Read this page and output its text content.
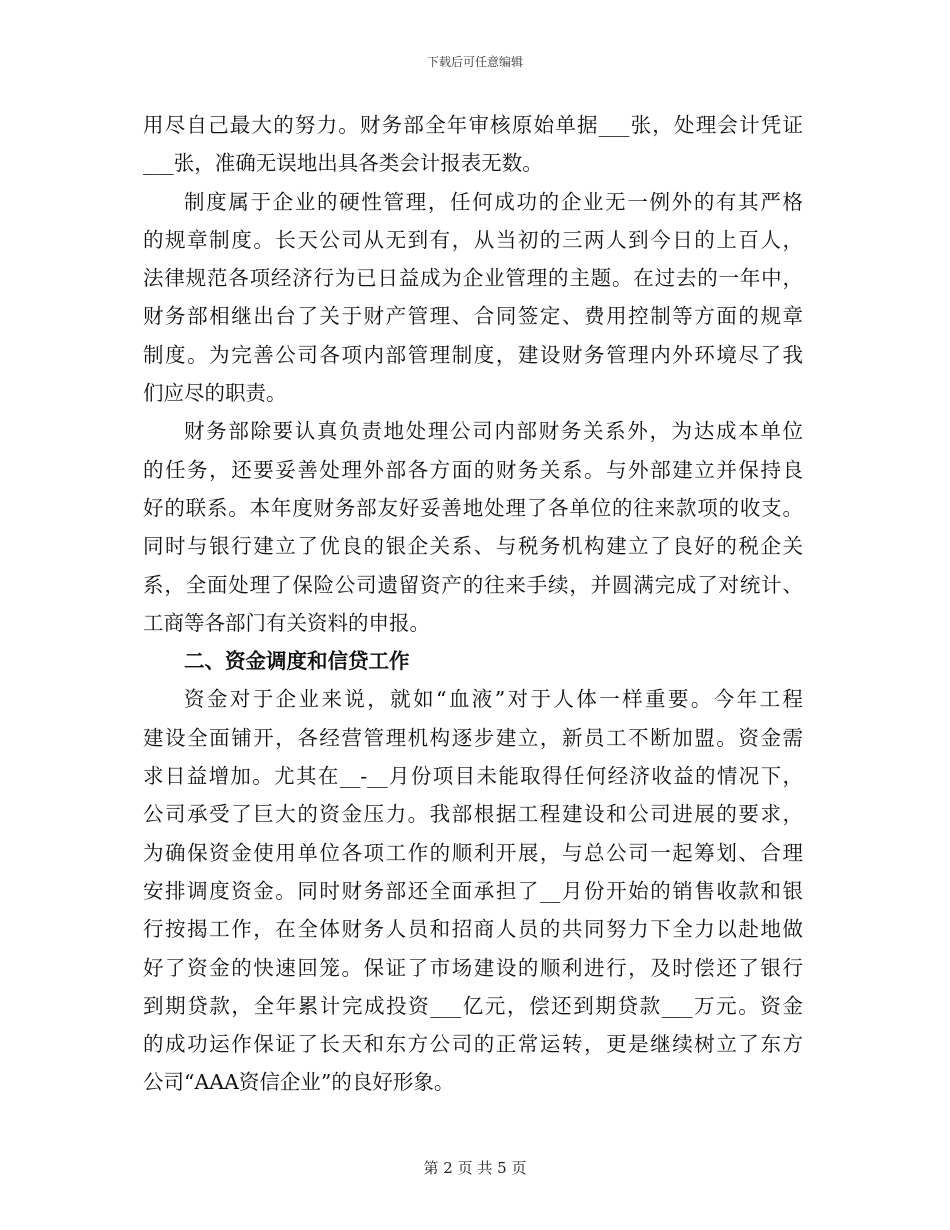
下载后可任意编辑
用尽自己最大的努力。财务部全年审核原始单据___张，处理会计凭证
___张，准确无误地出具各类会计报表无数。
制度属于企业的硬性管理，任何成功的企业无一例外的有其严格
的规章制度。长天公司从无到有，从当初的三两人到今日的上百人，
法律规范各项经济行为已日益成为企业管理的主题。在过去的一年中，
财务部相继出台了关于财产管理、合同签定、费用控制等方面的规章
制度。为完善公司各项内部管理制度，建设财务管理内外环境尽了我
们应尽的职责。
财务部除要认真负责地处理公司内部财务关系外，为达成本单位
的任务，还要妥善处理外部各方面的财务关系。与外部建立并保持良
好的联系。本年度财务部友好妥善地处理了各单位的往来款项的收支。
同时与银行建立了优良的银企关系、与税务机构建立了良好的税企关
系，全面处理了保险公司遗留资产的往来手续，并圆满完成了对统计、
工商等各部门有关资料的申报。
二、资金调度和信贷工作
资金对于企业来说，就如“血液”对于人体一样重要。今年工程
建设全面铺开，各经营管理机构逐步建立，新员工不断加盟。资金需
求日益增加。尤其在__-__月份项目未能取得任何经济收益的情况下，
公司承受了巨大的资金压力。我部根据工程建设和公司进展的要求，
为确保资金使用单位各项工作的顺利开展，与总公司一起筹划、合理
安排调度资金。同时财务部还全面承担了__月份开始的销售收款和银
行按揭工作，在全体财务人员和招商人员的共同努力下全力以赴地做
好了资金的快速回笼。保证了市场建设的顺利进行，及时偿还了银行
到期贷款，全年累计完成投资___亿元，偿还到期贷款___万元。资金
的成功运作保证了长天和东方公司的正常运转，更是继续树立了东方
公司“AAA资信企业”的良好形象。
第 2 页 共 5 页
